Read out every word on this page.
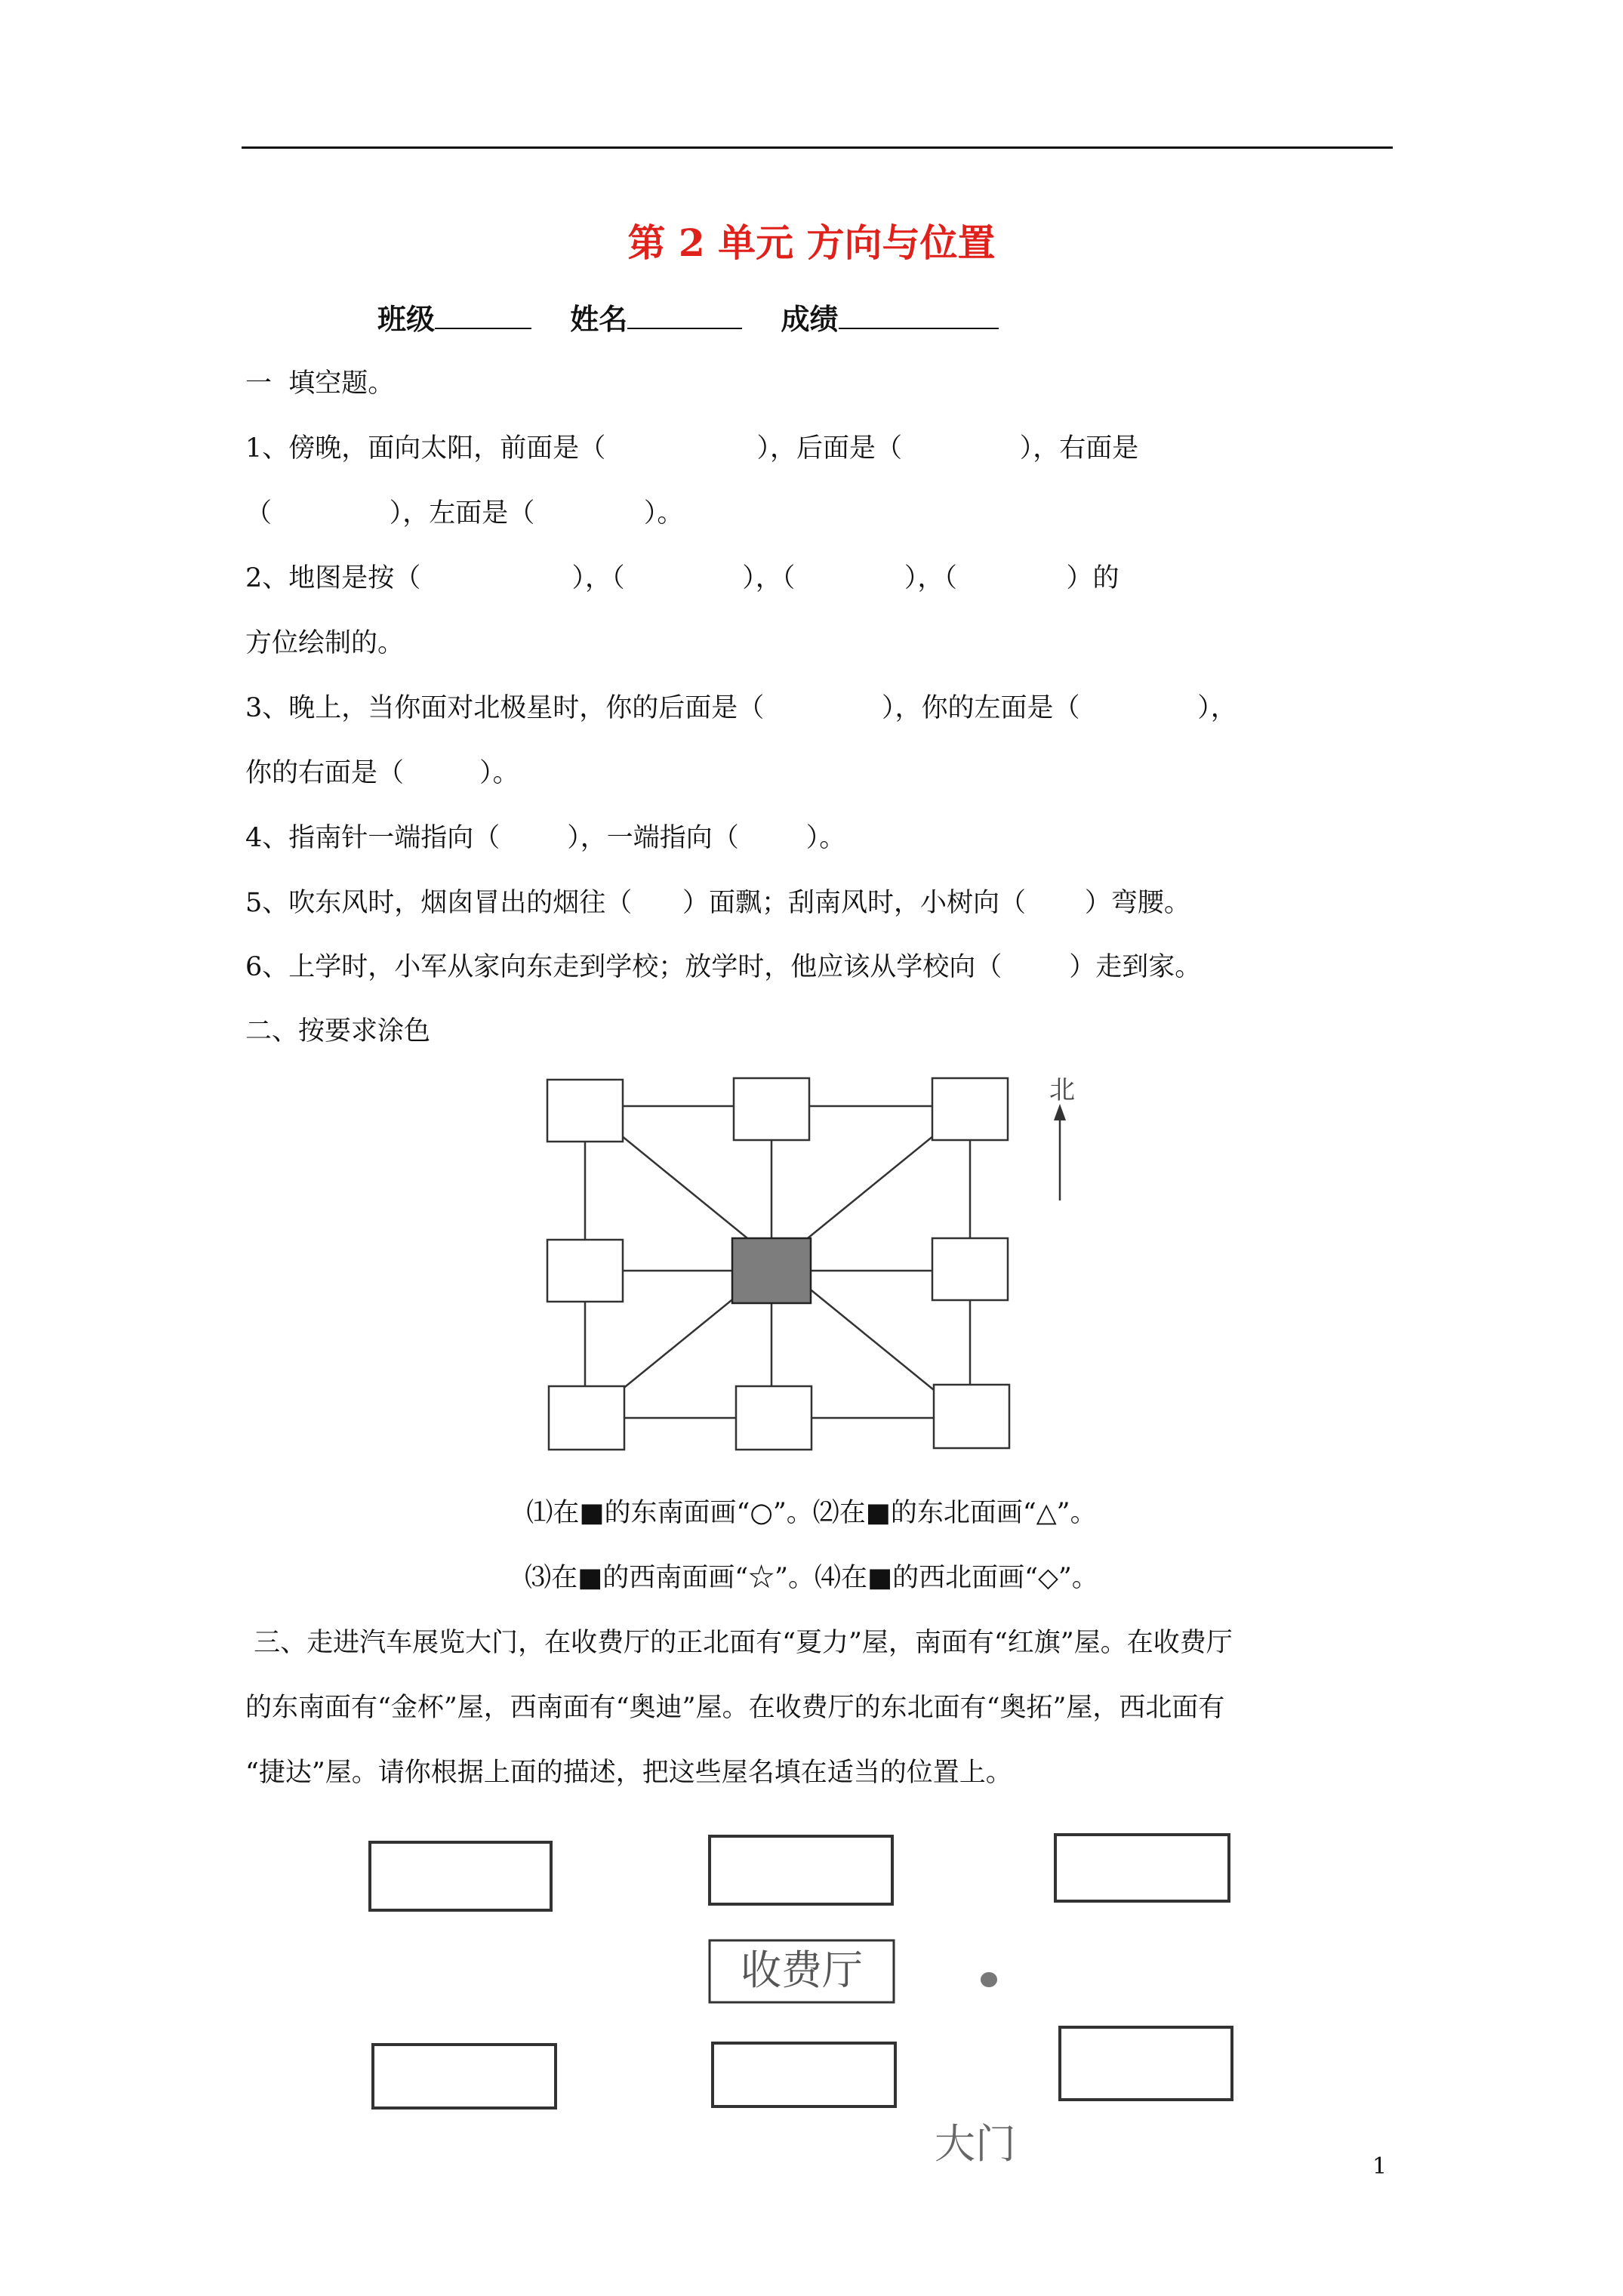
第 2 单元 方向与位置
班级	姓名	成绩
一  填空题。
1、傍晚，面向太阳，前面是（                  ），后面是（              ），右面是
（              ），左面是（             ）。
2、地图是按（                  ），（              ），（             ），（             ）的
方位绘制的。
3、晚上，当你面对北极星时，你的后面是（              ），你的左面是（              ），
你的右面是（         ）。
4、指南针一端指向（        ），一端指向（        ）。
5、吹东风时，烟囱冒出的烟往（      ）面飘；刮南风时，小树向（       ）弯腰。
6、上学时，小军从家向东走到学校；放学时，他应该从学校向（        ）走到家。
二、按要求涂色
北
⑴在■的东南面画“○”。⑵在■的东北面画“△”。
⑶在■的西南面画“☆”。⑷在■的西北面画“◇”。
三、走进汽车展览大门，在收费厅的正北面有“夏力”屋，南面有“红旗”屋。在收费厅
的东南面有“金杯”屋，西南面有“奥迪”屋。在收费厅的东北面有“奥拓”屋，西北面有
“捷达”屋。请你根据上面的描述，把这些屋名填在适当的位置上。
收费厅
大门	1
